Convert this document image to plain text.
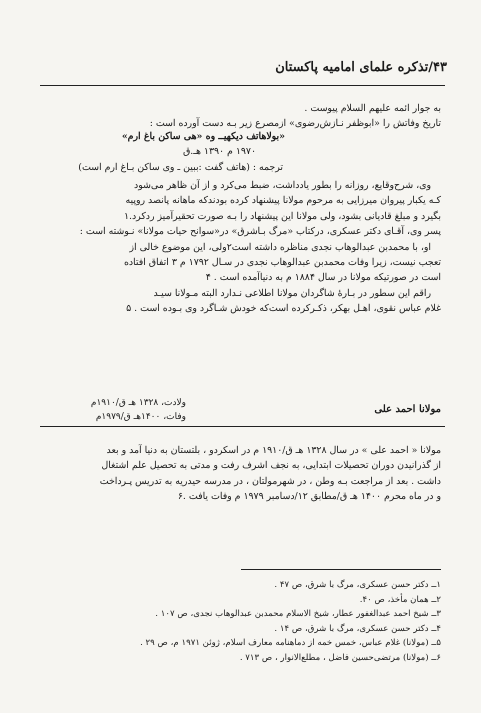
۴۳/تذکره علمای امامیه پاکستان

به جوار ائمه علیهم السلام پیوست .

تاریخ وفاتش را «ابوظفر نـازش‌رضوی» ازمصرع زیر بـه دست آورده است :

«بولاهاتف دیکھیــ وه «هی ساکن باغ ارم»
۱۹۷۰ م ۱۳۹۰ هـ.ق
ترجمه : (هاتف گفت :ببین ـ وی ساکن بـاغ ارم است)

وی، شرح‌وقایع، روزانه را بطور یادداشت، ضبط می‌کرد و از آن ظاهر می‌شود

کـه یکبار پیروان میرزایی به مرحوم مولانا پیشنهاد کرده بودندکه ماهانه پانصد روپیه

بگیرد و مبلغ قادیانی بشود، ولی مولانا این پیشنهاد را بـه صورت تحقیرآمیز ردکرد.۱

پسر وی، آقـای دکتر عسکری، درکتاب «مرگ بـاشرق» در«سوانح حیات مولانا» نـوشته است :

او، با محمدبن عبدالوهاب نجدی مناظره داشته است۲ولی، این موضوع خالی از

تعجب نیست، زیرا وفات محمدبن عبدالوهاب نجدی در سـال ۱۷۹۲ م ۳ اتفاق افتاده

است در صورتیکه مولانا در سال ۱۸۸۴ م به دنیاآمده است . ۴

راقم این سطور در بـارهٔ شاگردان مولانا اطلاعی نـدارد البته مـولانا سیـد

غلام عباس نقوی، اهـل بهکر، ذکـرکرده است‌که خودش شـاگرد وی بـوده است . ۵

ولادت، ۱۳۲۸ هـ ق/۱۹۱۰م
وفات، ۱۴۰۰هـ ق/۱۹۷۹م
مولانا احمد علی

مولانا « احمد علی » در سال ۱۳۲۸ هـ ق/۱۹۱۰ م در اسکردو ، بلتستان به دنیا آمد و بعد

از گذرانیدن دوران تحصیلات ابتدایی، به نجف اشرف رفت و مدتی به تحصیل علم اشتغال

داشت . بعد از مراجعت بـه وطن ، در شهرمولتان ، در مدرسه حیدریه به تدریس پـرداخت

و در ماه محرم ۱۴۰۰ هـ ق/مطابق ۱۲/دسامبر ۱۹۷۹ م وفات یافت .۶

۱ــ دکتر حسن عسکری، مرگ با شرق، ص ۴۷ .
۲ــ همان مأخذ، ص ۴۰.
۳ــ شیخ احمد عبدالغفور عطار، شیخ الاسلام محمدبن عبدالوهاب نجدی، ص ۱۰۷ .
۴ــ دکتر حسن عسکری، مرگ با شرق، ص ۱۴ .
۵ــ (مولانا) غلام عباس، خمس خمه از دماهنامه معارف اسلام، ژوئن ۱۹۷۱ م، ص ۲۹ .
۶ــ (مولانا) مرتضی‌حسین فاضل ، مطلع‌الانوار ، ص ۷۱۳ .
